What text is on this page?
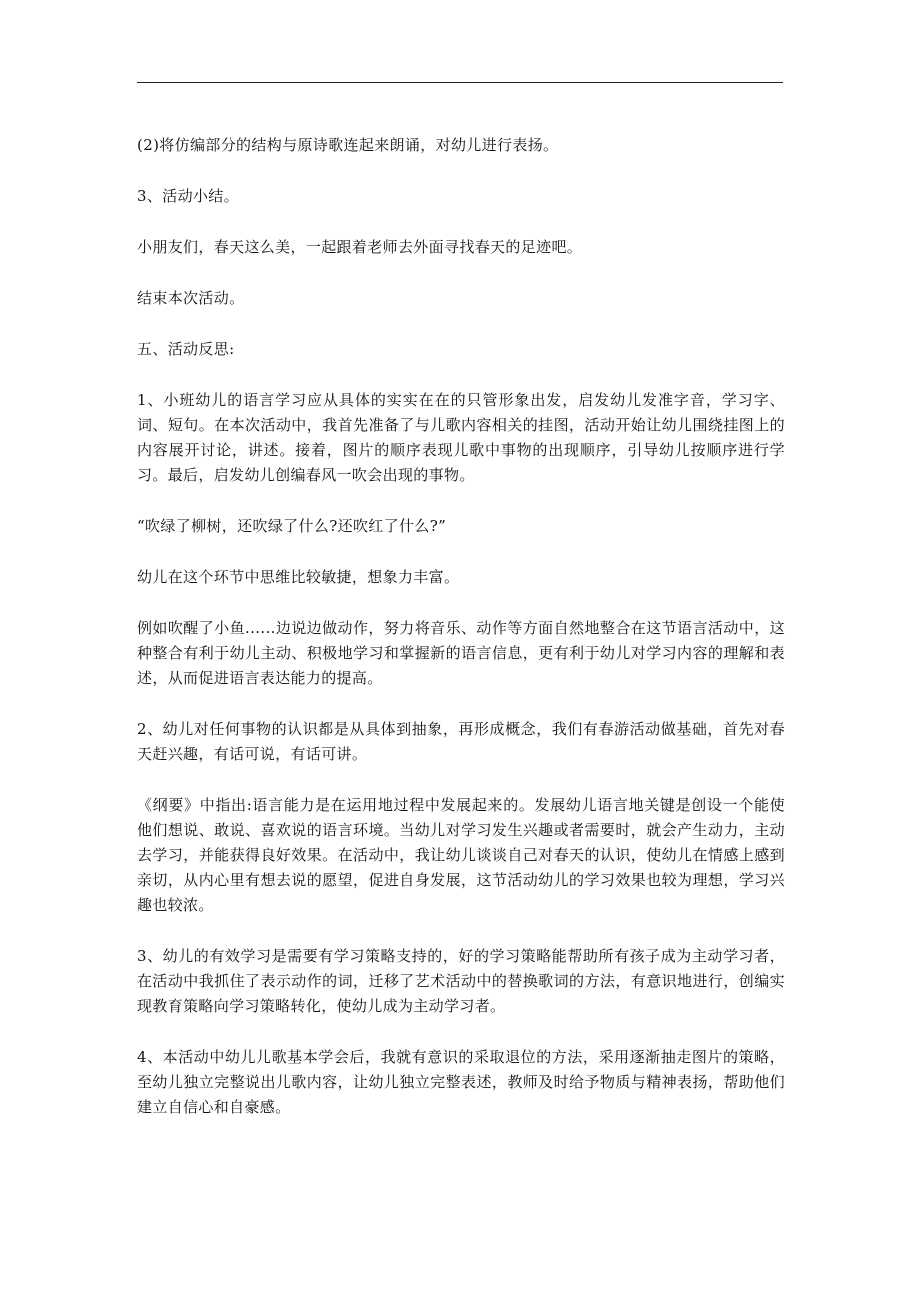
(2)将仿编部分的结构与原诗歌连起来朗诵，对幼儿进行表扬。

3、活动小结。

小朋友们，春天这么美，一起跟着老师去外面寻找春天的足迹吧。

结束本次活动。

五、活动反思:

1、小班幼儿的语言学习应从具体的实实在在的只管形象出发，启发幼儿发准字音，学习字、词、短句。在本次活动中，我首先准备了与儿歌内容相关的挂图，活动开始让幼儿围绕挂图上的内容展开讨论，讲述。接着，图片的顺序表现儿歌中事物的出现顺序，引导幼儿按顺序进行学习。最后，启发幼儿创编春风一吹会出现的事物。

“吹绿了柳树，还吹绿了什么?还吹红了什么?”

幼儿在这个环节中思维比较敏捷，想象力丰富。

例如吹醒了小鱼......边说边做动作，努力将音乐、动作等方面自然地整合在这节语言活动中，这种整合有利于幼儿主动、积极地学习和掌握新的语言信息，更有利于幼儿对学习内容的理解和表述，从而促进语言表达能力的提高。

2、幼儿对任何事物的认识都是从具体到抽象，再形成概念，我们有春游活动做基础，首先对春天赶兴趣，有话可说，有话可讲。

《纲要》中指出:语言能力是在运用地过程中发展起来的。发展幼儿语言地关键是创设一个能使他们想说、敢说、喜欢说的语言环境。当幼儿对学习发生兴趣或者需要时，就会产生动力，主动去学习，并能获得良好效果。在活动中，我让幼儿谈谈自己对春天的认识，使幼儿在情感上感到亲切，从内心里有想去说的愿望，促进自身发展，这节活动幼儿的学习效果也较为理想，学习兴趣也较浓。

3、幼儿的有效学习是需要有学习策略支持的，好的学习策略能帮助所有孩子成为主动学习者，在活动中我抓住了表示动作的词，迁移了艺术活动中的替换歌词的方法，有意识地进行，创编实现教育策略向学习策略转化，使幼儿成为主动学习者。

4、本活动中幼儿儿歌基本学会后，我就有意识的采取退位的方法，采用逐渐抽走图片的策略，至幼儿独立完整说出儿歌内容，让幼儿独立完整表述，教师及时给予物质与精神表扬，帮助他们建立自信心和自豪感。
